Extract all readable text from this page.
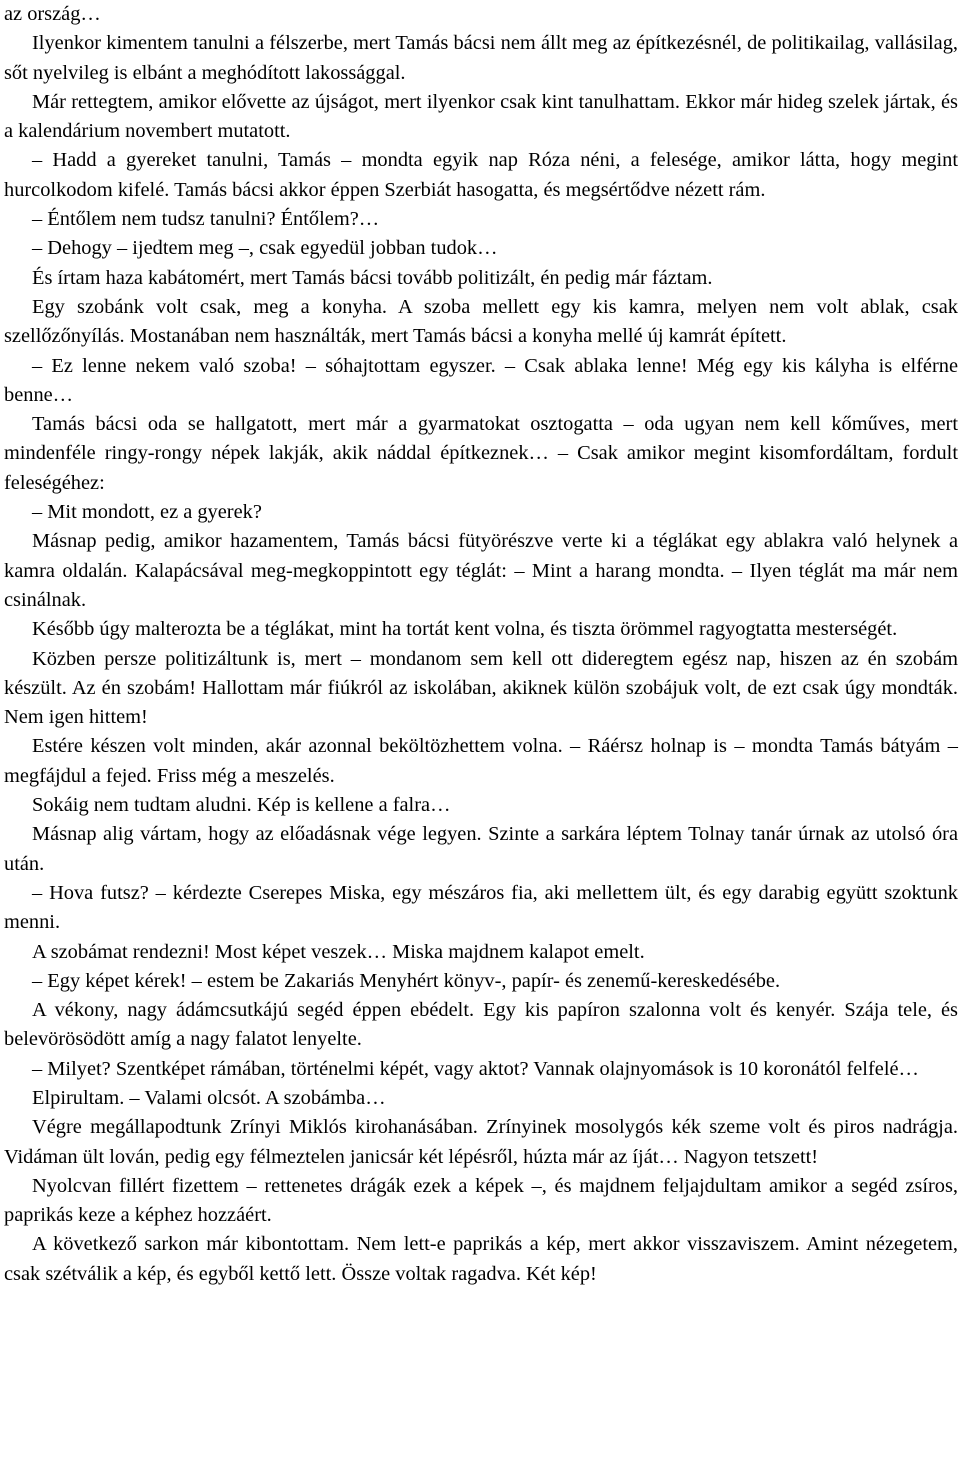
az ország…

Ilyenkor kimentem tanulni a félszerbe, mert Tamás bácsi nem állt meg az építkezésnél, de politikailag, vallásilag, sőt nyelvileg is elbánt a meghódított lakossággal.

Már rettegtem, amikor elővette az újságot, mert ilyenkor csak kint tanulhattam. Ekkor már hideg szelek jártak, és a kalendárium novembert mutatott.

– Hadd a gyereket tanulni, Tamás – mondta egyik nap Róza néni, a felesége, amikor látta, hogy megint hurcolkodom kifelé. Tamás bácsi akkor éppen Szerbiát hasogatta, és megsértődve nézett rám.

– Éntőlem nem tudsz tanulni? Éntőlem?…

– Dehogy – ijedtem meg –, csak egyedül jobban tudok…

És írtam haza kabátomért, mert Tamás bácsi tovább politizált, én pedig már fáztam.

Egy szobánk volt csak, meg a konyha. A szoba mellett egy kis kamra, melyen nem volt ablak, csak szellőzőnyílás. Mostanában nem használták, mert Tamás bácsi a konyha mellé új kamrát épített.

– Ez lenne nekem való szoba! – sóhajtottam egyszer. – Csak ablaka lenne! Még egy kis kályha is elférne benne…

Tamás bácsi oda se hallgatott, mert már a gyarmatokat osztogatta – oda ugyan nem kell kőműves, mert mindenféle ringy-rongy népek lakják, akik náddal építkeznek… – Csak amikor megint kisomfordáltam, fordult feleségéhez:

– Mit mondott, ez a gyerek?

Másnap pedig, amikor hazamentem, Tamás bácsi fütyörészve verte ki a téglákat egy ablakra való helynek a kamra oldalán. Kalapácsával meg-megkoppintott egy téglát: – Mint a harang mondta. – Ilyen téglát ma már nem csinálnak.

Később úgy malterozta be a téglákat, mint ha tortát kent volna, és tiszta örömmel ragyogtatta mesterségét.

Közben persze politizáltunk is, mert – mondanom sem kell ott dideregtem egész nap, hiszen az én szobám készült. Az én szobám! Hallottam már fiúkról az iskolában, akiknek külön szobájuk volt, de ezt csak úgy mondták. Nem igen hittem!

Estére készen volt minden, akár azonnal beköltözhettem volna. – Ráérsz holnap is – mondta Tamás bátyám – megfájdul a fejed. Friss még a meszelés.

Sokáig nem tudtam aludni. Kép is kellene a falra…

Másnap alig vártam, hogy az előadásnak vége legyen. Szinte a sarkára léptem Tolnay tanár úrnak az utolsó óra után.

– Hova futsz? – kérdezte Cserepes Miska, egy mészáros fia, aki mellettem ült, és egy darabig együtt szoktunk menni.

A szobámat rendezni! Most képet veszek… Miska majdnem kalapot emelt.

– Egy képet kérek! – estem be Zakariás Menyhért könyv-, papír- és zenemű-kereskedésébe.

A vékony, nagy ádámcsutkájú segéd éppen ebédelt. Egy kis papíron szalonna volt és kenyér. Szája tele, és belevörösödött amíg a nagy falatot lenyelte.

– Milyet? Szentképet rámában, történelmi képét, vagy aktot? Vannak olajnyomások is 10 koronától felfelé…

Elpirultam. – Valami olcsót. A szobámba…

Végre megállapodtunk Zrínyi Miklós kirohanásában. Zrínyinek mosolygós kék szeme volt és piros nadrágja. Vidáman ült lován, pedig egy félmeztelen janicsár két lépésről, húzta már az íját… Nagyon tetszett!

Nyolcvan fillért fizettem – rettenetes drágák ezek a képek –, és majdnem feljajdultam amikor a segéd zsíros, paprikás keze a képhez hozzáért.

A következő sarkon már kibontottam. Nem lett-e paprikás a kép, mert akkor visszaviszem. Amint nézegetem, csak szétválik a kép, és egyből kettő lett. Össze voltak ragadva. Két kép!
